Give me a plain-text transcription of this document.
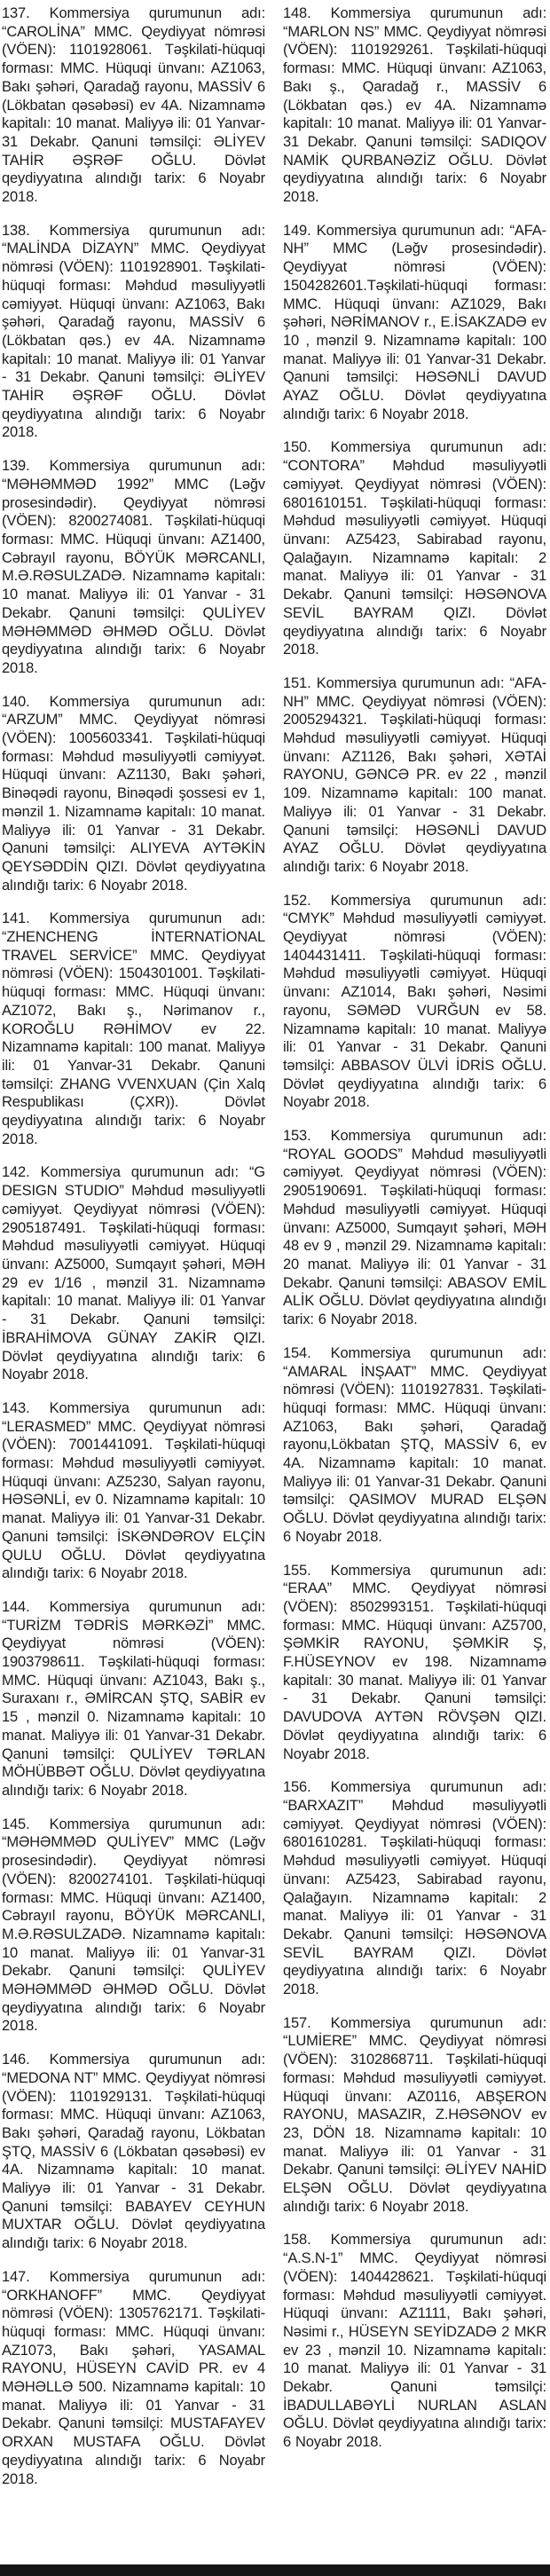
137. Kommersiya qurumunun adı: “CAROLİNA” MMC. Qeydiyyat nömrəsi (VÖEN): 1101928061. Təşkilati-hüquqi forması: MMC. Hüquqi ünvanı: AZ1063, Bakı şəhəri, Qaradağ rayonu, MASSİV 6 (Lökbatan qəsəbəsi) ev 4A. Nizamnamə kapitalı: 10 manat. Maliyyə ili: 01 Yanvar-31 Dekabr. Qanuni təmsilçi: ƏLİYEV TAHİR ƏŞRƏF OĞLU. Dövlət qeydiyyatına alındığı tarix: 6 Noyabr 2018.

138. Kommersiya qurumunun adı: “MALİNDA DİZAYN” MMC. Qeydiyyat nömrəsi (VÖEN): 1101928901. Təşkilati-hüquqi forması: Məhdud məsuliyyətli cəmiyyət. Hüquqi ünvanı: AZ1063, Bakı şəhəri, Qaradağ rayonu, MASSİV 6 (Lökbatan qəs.) ev 4A. Nizamnamə kapitalı: 10 manat. Maliyyə ili: 01 Yanvar - 31 Dekabr. Qanuni təmsilçi: ƏLİYEV TAHİR ƏŞRƏF OĞLU. Dövlət qeydiyyatına alındığı tarix: 6 Noyabr 2018.

139. Kommersiya qurumunun adı: “MƏHƏMMƏD 1992” MMC (Ləğv prosesindədir). Qeydiyyat nömrəsi (VÖEN): 8200274081. Təşkilati-hüquqi forması: MMC. Hüquqi ünvanı: AZ1400, Cəbrayıl rayonu, BÖYÜK MƏRCANLI, M.Ə.RƏSULZADƏ. Nizamnamə kapitalı: 10 manat. Maliyyə ili: 01 Yanvar - 31 Dekabr. Qanuni təmsilçi: QULİYEV MƏHƏMMƏD ƏHMƏD OĞLU. Dövlət qeydiyyatına alındığı tarix: 6 Noyabr 2018.

140. Kommersiya qurumunun adı: “ARZUM” MMC. Qeydiyyat nömrəsi (VÖEN): 1005603341. Təşkilati-hüquqi forması: Məhdud məsuliyyətli cəmiyyət. Hüquqi ünvanı: AZ1130, Bakı şəhəri, Binəqədi rayonu, Binəqədi şossesi ev 1, mənzil 1. Nizamnamə kapitalı: 10 manat. Maliyyə ili: 01 Yanvar - 31 Dekabr. Qanuni təmsilçi: ALIYEVA AYTƏKİN QEYSƏDDİN QIZI. Dövlət qeydiyyatına alındığı tarix: 6 Noyabr 2018.

141. Kommersiya qurumunun adı: “ZHENCHENG İNTERNATİONAL TRAVEL SERVİCE” MMC. Qeydiyyat nömrəsi (VÖEN): 1504301001. Təşkilati-hüquqi forması: MMC. Hüquqi ünvanı: AZ1072, Bakı ş., Nərimanov r., KOROĞLU RƏHİMOV ev 22. Nizamnamə kapitalı: 100 manat. Maliyyə ili: 01 Yanvar-31 Dekabr. Qanuni təmsilçi: ZHANG VVENXUAN (Çin Xalq Respublikası (ÇXR)). Dövlət qeydiyyatına alındığı tarix: 6 Noyabr 2018.

142. Kommersiya qurumunun adı: “G DESIGN STUDIO” Məhdud məsuliyyətli cəmiyyət. Qeydiyyat nömrəsi (VÖEN): 2905187491. Təşkilati-hüquqi forması: Məhdud məsuliyyətli cəmiyyət. Hüquqi ünvanı: AZ5000, Sumqayıt şəhəri, MƏH 29 ev 1/16 , mənzil 31. Nizamnamə kapitalı: 10 manat. Maliyyə ili: 01 Yanvar - 31 Dekabr. Qanuni təmsilçi: İBRAHİMOVA GÜNAY ZAKİR QIZI. Dövlət qeydiyyatına alındığı tarix: 6 Noyabr 2018.

143. Kommersiya qurumunun adı: “LERASMED” MMC. Qeydiyyat nömrəsi (VÖEN): 7001441091. Təşkilati-hüquqi forması: Məhdud məsuliyyətli cəmiyyət. Hüquqi ünvanı: AZ5230, Salyan rayonu, HƏSƏNLİ, ev 0. Nizamnamə kapitalı: 10 manat. Maliyyə ili: 01 Yanvar-31 Dekabr. Qanuni təmsilçi: İSKƏNDƏROV ELÇİN QULU OĞLU. Dövlət qeydiyyatına alındığı tarix: 6 Noyabr 2018.

144. Kommersiya qurumunun adı: “TURİZM TƏDRİS MƏRKƏZİ” MMC. Qeydiyyat nömrəsi (VÖEN): 1903798611. Təşkilati-hüquqi forması: MMC. Hüquqi ünvanı: AZ1043, Bakı ş., Suraxanı r., ƏMİRCAN ŞTQ, SABİR ev 15 , mənzil 0. Nizamnamə kapitalı: 10 manat. Maliyyə ili: 01 Yanvar-31 Dekabr. Qanuni təmsilçi: QULİYEV TƏRLAN MÖHÜBBƏT OĞLU. Dövlət qeydiyyatına alındığı tarix: 6 Noyabr 2018.

145. Kommersiya qurumunun adı: “MƏHƏMMƏD QULİYEV” MMC (Ləğv prosesindədir). Qeydiyyat nömrəsi (VÖEN): 8200274101. Təşkilati-hüquqi forması: MMC. Hüquqi ünvanı: AZ1400, Cəbrayıl rayonu, BÖYÜK MƏRCANLI, M.Ə.RƏSULZADƏ. Nizamnamə kapitalı: 10 manat. Maliyyə ili: 01 Yanvar-31 Dekabr. Qanuni təmsilçi: QULİYEV MƏHƏMMƏD ƏHMƏD OĞLU. Dövlət qeydiyyatına alındığı tarix: 6 Noyabr 2018.

146. Kommersiya qurumunun adı: “MEDONA NT” MMC. Qeydiyyat nömrəsi (VÖEN): 1101929131. Təşkilati-hüquqi forması: MMC. Hüquqi ünvanı: AZ1063, Bakı şəhəri, Qaradağ rayonu, Lökbatan ŞTQ, MASSİV 6 (Lökbatan qəsəbəsi) ev 4A. Nizamnamə kapitalı: 10 manat. Maliyyə ili: 01 Yanvar - 31 Dekabr. Qanuni təmsilçi: BABAYEV CEYHUN MUXTAR OĞLU. Dövlət qeydiyyatına alındığı tarix: 6 Noyabr 2018.

147. Kommersiya qurumunun adı: “ORKHANOFF” MMC. Qeydiyyat nömrəsi (VÖEN): 1305762171. Təşkilati-hüquqi forması: MMC. Hüquqi ünvanı: AZ1073, Bakı şəhəri, YASAMAL RAYONU, HÜSEYN CAVİD PR. ev 4 MƏHƏLLƏ 500. Nizamnamə kapitalı: 10 manat. Maliyyə ili: 01 Yanvar - 31 Dekabr. Qanuni təmsilçi: MUSTAFAYEV ORXAN MUSTAFA OĞLU. Dövlət qeydiyyatına alındığı tarix: 6 Noyabr 2018.

148. Kommersiya qurumunun adı: “MARLON NS” MMC. Qeydiyyat nömrəsi (VÖEN): 1101929261. Təşkilati-hüquqi forması: MMC. Hüquqi ünvanı: AZ1063, Bakı ş., Qaradağ r., MASSİV 6 (Lökbatan qəs.) ev 4A. Nizamnamə kapitalı: 10 manat. Maliyyə ili: 01 Yanvar-31 Dekabr. Qanuni təmsilçi: SADIQOV NAMİK QURBANƏZİZ OĞLU. Dövlət qeydiyyatına alındığı tarix: 6 Noyabr 2018.

149. Kommersiya qurumunun adı: “AFA-NH” MMC (Ləğv prosesindədir). Qeydiyyat nömrəsi (VÖEN): 1504282601.Təşkilati-hüquqi forması: MMC. Hüquqi ünvanı: AZ1029, Bakı şəhəri, NƏRİMANOV r., E.İSAKZADƏ ev 10 , mənzil 9. Nizamnamə kapitalı: 100 manat. Maliyyə ili: 01 Yanvar-31 Dekabr. Qanuni təmsilçi: HƏSƏNLİ DAVUD AYAZ OĞLU. Dövlət qeydiyyatına alındığı tarix: 6 Noyabr 2018.

150. Kommersiya qurumunun adı: “CONTORA” Məhdud məsuliyyətli cəmiyyət. Qeydiyyat nömrəsi (VÖEN): 6801610151. Təşkilati-hüquqi forması: Məhdud məsuliyyətli cəmiyyət. Hüquqi ünvanı: AZ5423, Sabirabad rayonu, Qalağayın. Nizamnamə kapitalı: 2 manat. Maliyyə ili: 01 Yanvar - 31 Dekabr. Qanuni təmsilçi: HƏSƏNOVA SEVİL BAYRAM QIZI. Dövlət qeydiyyatına alındığı tarix: 6 Noyabr 2018.

151. Kommersiya qurumunun adı: “AFA-NH” MMC. Qeydiyyat nömrəsi (VÖEN): 2005294321. Təşkilati-hüquqi forması: Məhdud məsuliyyətli cəmiyyət. Hüquqi ünvanı: AZ1126, Bakı şəhəri, XƏTAİ RAYONU, GƏNCƏ PR. ev 22 , mənzil 109. Nizamnamə kapitalı: 100 manat. Maliyyə ili: 01 Yanvar - 31 Dekabr. Qanuni təmsilçi: HƏSƏNLİ DAVUD AYAZ OĞLU. Dövlət qeydiyyatına alındığı tarix: 6 Noyabr 2018.

152. Kommersiya qurumunun adı: “CMYK” Məhdud məsuliyyətli cəmiyyət. Qeydiyyat nömrəsi (VÖEN): 1404431411. Təşkilati-hüquqi forması: Məhdud məsuliyyətli cəmiyyət. Hüquqi ünvanı: AZ1014, Bakı şəhəri, Nəsimi rayonu, SƏMƏD VURĞUN ev 58. Nizamnamə kapitalı: 10 manat. Maliyyə ili: 01 Yanvar - 31 Dekabr. Qanuni təmsilçi: ABBASOV ÜLVİ İDRİS OĞLU. Dövlət qeydiyyatına alındığı tarix: 6 Noyabr 2018.

153. Kommersiya qurumunun adı: “ROYAL GOODS” Məhdud məsuliyyətli cəmiyyət. Qeydiyyat nömrəsi (VÖEN): 2905190691. Təşkilati-hüquqi forması: Məhdud məsuliyyətli cəmiyyət. Hüquqi ünvanı: AZ5000, Sumqayıt şəhəri, MƏH 48 ev 9 , mənzil 29. Nizamnamə kapitalı: 20 manat. Maliyyə ili: 01 Yanvar - 31 Dekabr. Qanuni təmsilçi: ABASOV EMİL ALİK OĞLU. Dövlət qeydiyyatına alındığı tarix: 6 Noyabr 2018.

154. Kommersiya qurumunun adı: “AMARAL İNŞAAT” MMC. Qeydiyyat nömrəsi (VÖEN): 1101927831. Təşkilati-hüquqi forması: MMC. Hüquqi ünvanı: AZ1063, Bakı şəhəri, Qaradağ rayonu,Lökbatan ŞTQ, MASSİV 6, ev 4A. Nizamnamə kapitalı: 10 manat. Maliyyə ili: 01 Yanvar-31 Dekabr. Qanuni təmsilçi: QASIMOV MURAD ELŞƏN OĞLU. Dövlət qeydiyyatına alındığı tarix: 6 Noyabr 2018.

155. Kommersiya qurumunun adı: “ERAA” MMC. Qeydiyyat nömrəsi (VÖEN): 8502993151. Təşkilati-hüquqi forması: MMC. Hüquqi ünvanı: AZ5700, ŞƏMKİR RAYONU, ŞƏMKİR Ş, F.HÜSEYNOV ev 198. Nizamnamə kapitalı: 30 manat. Maliyyə ili: 01 Yanvar - 31 Dekabr. Qanuni təmsilçi: DAVUDOVA AYTƏN RÖVŞƏN QIZI. Dövlət qeydiyyatına alındığı tarix: 6 Noyabr 2018.

156. Kommersiya qurumunun adı: “BARXAZIT” Məhdud məsuliyyətli cəmiyyət. Qeydiyyat nömrəsi (VÖEN): 6801610281. Təşkilati-hüquqi forması: Məhdud məsuliyyətli cəmiyyət. Hüquqi ünvanı: AZ5423, Sabirabad rayonu, Qalağayın. Nizamnamə kapitalı: 2 manat. Maliyyə ili: 01 Yanvar - 31 Dekabr. Qanuni təmsilçi: HƏSƏNOVA SEVİL BAYRAM QIZI. Dövlət qeydiyyatına alındığı tarix: 6 Noyabr 2018.

157. Kommersiya qurumunun adı: “LUMİERE” MMC. Qeydiyyat nömrəsi (VÖEN): 3102868711. Təşkilati-hüquqi forması: Məhdud məsuliyyətli cəmiyyət. Hüquqi ünvanı: AZ0116, ABŞERON RAYONU, MASAZIR, Z.HƏSƏNOV ev 23, DÖN 18. Nizamnamə kapitalı: 10 manat. Maliyyə ili: 01 Yanvar - 31 Dekabr. Qanuni təmsilçi: ƏLİYEV NAHİD ELŞƏN OĞLU. Dövlət qeydiyyatına alındığı tarix: 6 Noyabr 2018.

158. Kommersiya qurumunun adı: “A.S.N-1” MMC. Qeydiyyat nömrəsi (VÖEN): 1404428621. Təşkilati-hüquqi forması: Məhdud məsuliyyətli cəmiyyət. Hüquqi ünvanı: AZ1111, Bakı şəhəri, Nəsimi r., HÜSEYN SEYİDZADƏ 2 MKR ev 23 , mənzil 10. Nizamnamə kapitalı: 10 manat. Maliyyə ili: 01 Yanvar - 31 Dekabr. Qanuni təmsilçi: İBADULLABƏYLİ NURLAN ASLAN OĞLU. Dövlət qeydiyyatına alındığı tarix: 6 Noyabr 2018.
